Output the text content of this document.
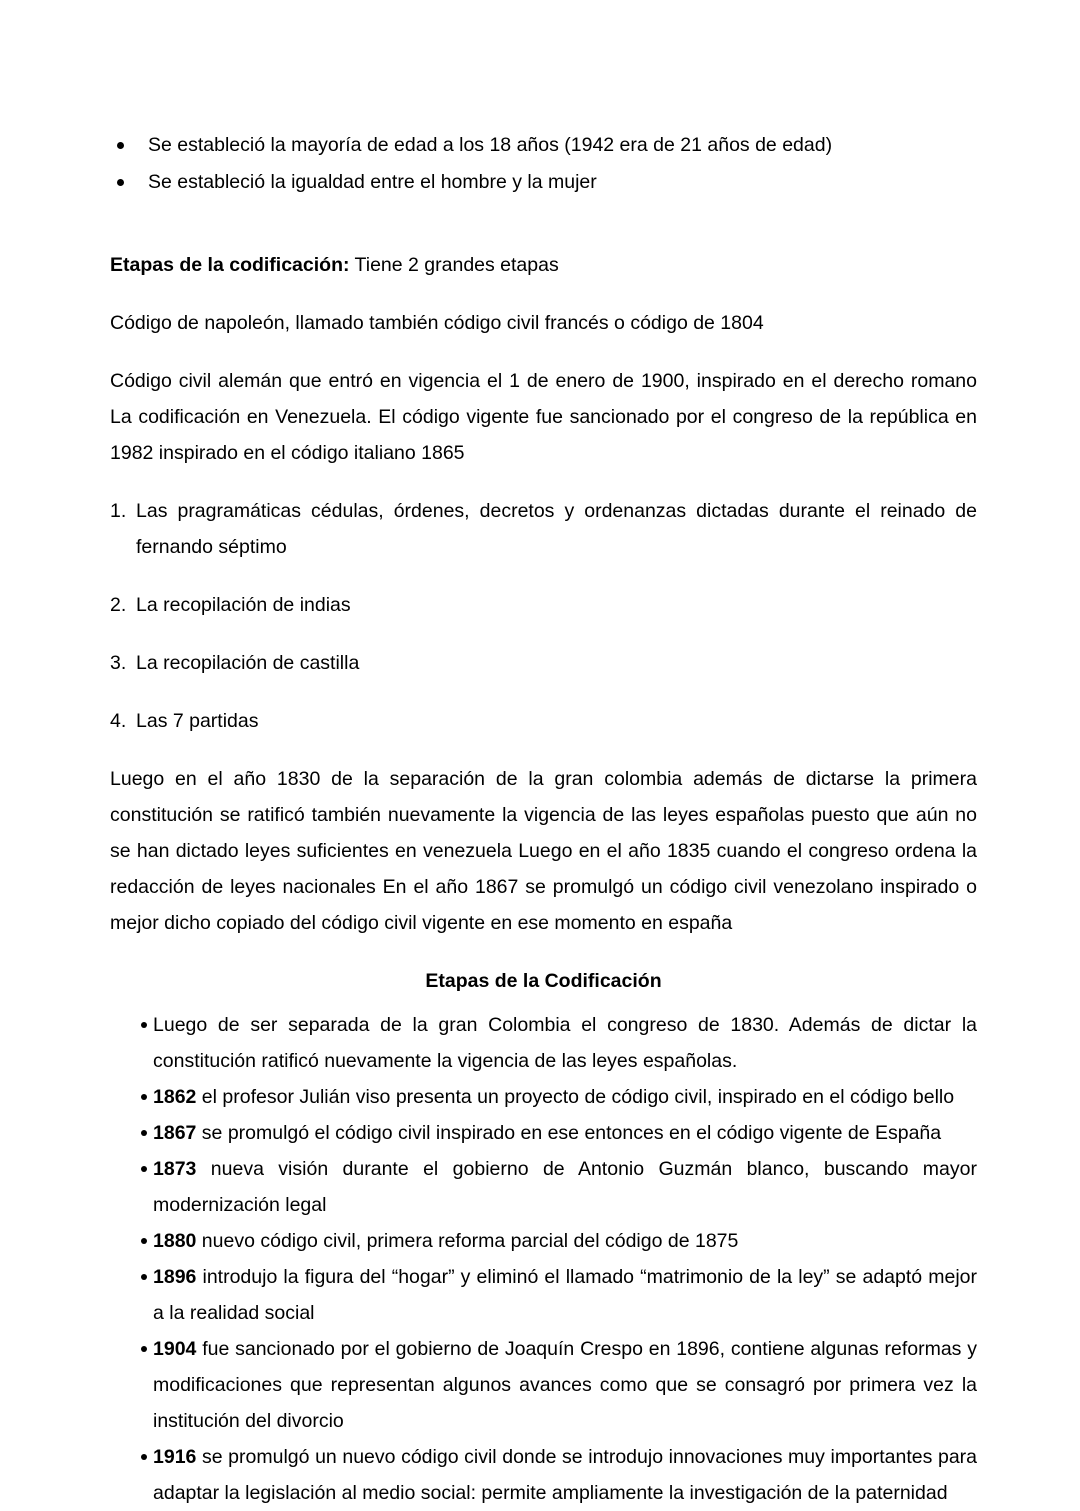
Se estableció la mayoría de edad a los 18 años (1942 era de 21 años de edad)
Se estableció la igualdad entre el hombre y la mujer

Etapas de la codificación: Tiene 2 grandes etapas

Código de napoleón, llamado también código civil francés o código de 1804

Código civil alemán que entró en vigencia el 1 de enero de 1900, inspirado en el derecho romano La codificación en Venezuela. El código vigente fue sancionado por el congreso de la república en 1982 inspirado en el código italiano 1865

1. Las pragramáticas cédulas, órdenes, decretos y ordenanzas dictadas durante el reinado de fernando séptimo
2. La recopilación de indias
3. La recopilación de castilla
4. Las 7 partidas

Luego en el año 1830 de la separación de la gran colombia además de dictarse la primera constitución se ratificó también nuevamente la vigencia de las leyes españolas puesto que aún no se han dictado leyes suficientes en venezuela Luego en el año 1835 cuando el congreso ordena la redacción de leyes nacionales En el año 1867 se promulgó un código civil venezolano inspirado o mejor dicho copiado del código civil vigente en ese momento en españa

Etapas de la Codificación
Luego de ser separada de la gran Colombia el congreso de 1830. Además de dictar la constitución ratificó nuevamente la vigencia de las leyes españolas.
1862 el profesor Julián viso presenta un proyecto de código civil, inspirado en el código bello
1867 se promulgó el código civil inspirado en ese entonces en el código vigente de España
1873 nueva visión durante el gobierno de Antonio Guzmán blanco, buscando mayor modernización legal
1880 nuevo código civil, primera reforma parcial del código de 1875
1896 introdujo la figura del “hogar” y eliminó el llamado “matrimonio de la ley” se adaptó mejor a la realidad social
1904 fue sancionado por el gobierno de Joaquín Crespo en 1896, contiene algunas reformas y modificaciones que representan algunos avances como que se consagró por primera vez la institución del divorcio
1916 se promulgó un nuevo código civil donde se introdujo innovaciones muy importantes para adaptar la legislación al medio social: permite ampliamente la investigación de la paternidad
